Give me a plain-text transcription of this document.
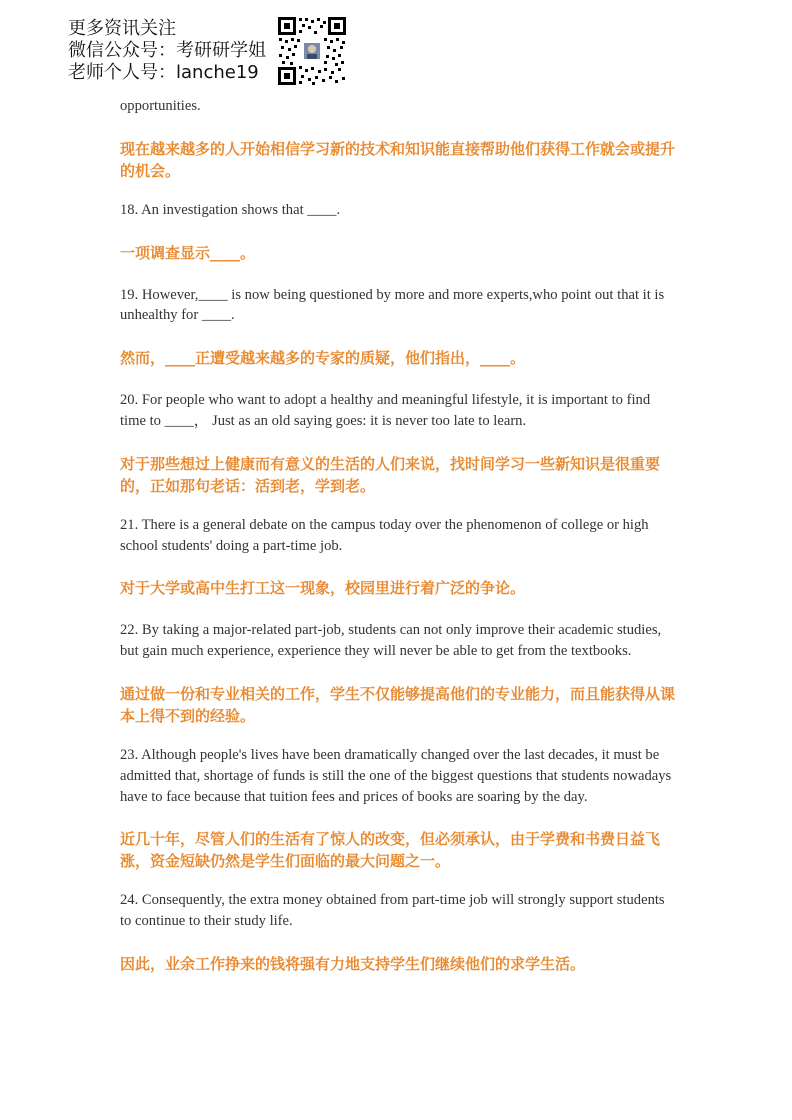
更多资讯关注
微信公众号：考研研学姐
老师个人号：lanche19

opportunities.

现在越来越多的人开始相信学习新的技术和知识能直接帮助他们获得工作就会或提升的机会。

18. An investigation shows that ____.

一项调查显示____。

19. However,____ is now being questioned by more and more experts,who point out that it is unhealthy for ____.

然而，____正遭受越来越多的专家的质疑，他们指出，____。

20. For people who want to adopt a healthy and meaningful lifestyle, it is important to find time to ____， Just as an old saying goes: it is never too late to learn.

对于那些想过上健康而有意义的生活的人们来说，找时间学习一些新知识是很重要的，正如那句老话：活到老，学到老。

21. There is a general debate on the campus today over the phenomenon of college or high school students' doing a part-time job.

对于大学或高中生打工这一现象，校园里进行着广泛的争论。

22. By taking a major-related part-job, students can not only improve their academic studies, but gain much experience, experience they will never be able to get from the textbooks.

通过做一份和专业相关的工作，学生不仅能够提高他们的专业能力，而且能获得从课本上得不到的经验。

23. Although people's lives have been dramatically changed over the last decades, it must be admitted that, shortage of funds is still the one of the biggest questions that students nowadays have to face because that tuition fees and prices of books are soaring by the day.

近几十年，尽管人们的生活有了惊人的改变，但必须承认，由于学费和书费日益飞涨，资金短缺仍然是学生们面临的最大问题之一。

24. Consequently, the extra money obtained from part-time job will strongly support students to continue to their study life.

因此，业余工作挣来的钱将强有力地支持学生们继续他们的求学生活。
